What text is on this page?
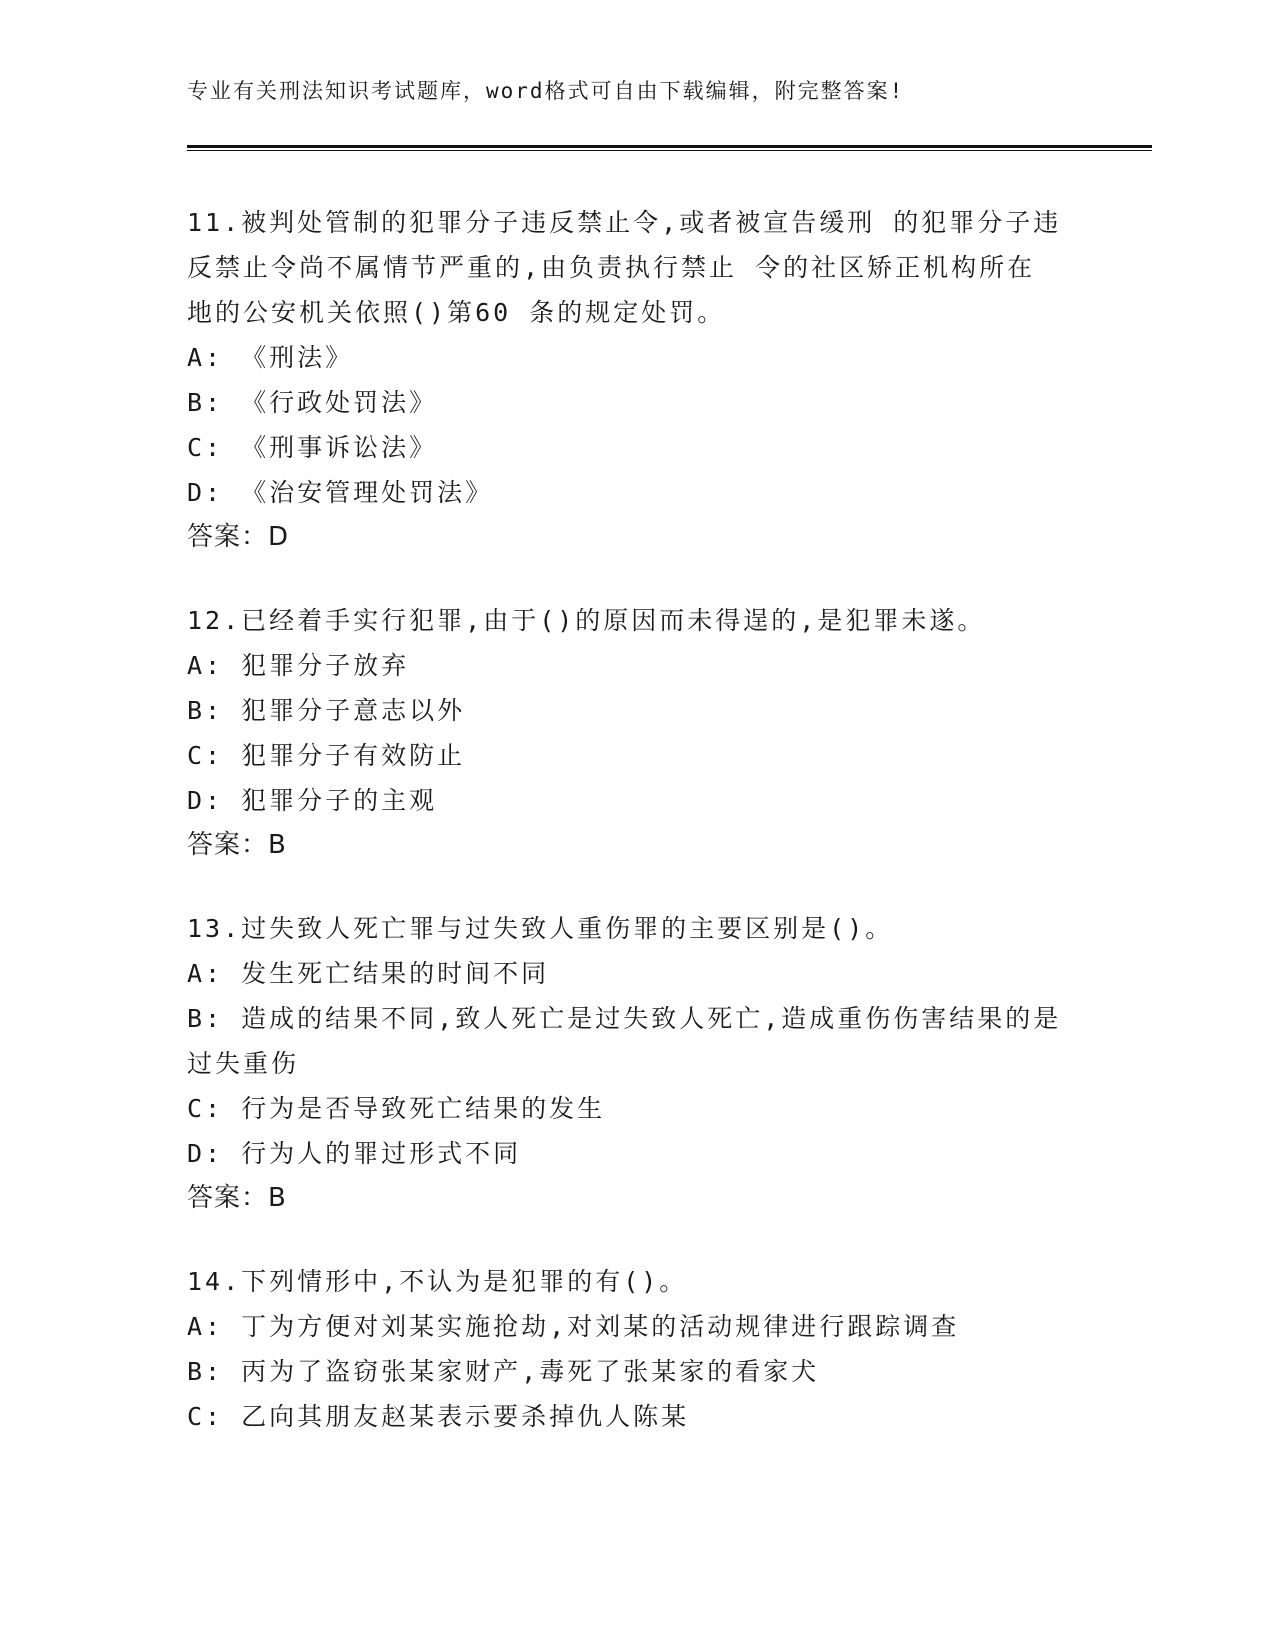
专业有关刑法知识考试题库，word格式可自由下载编辑，附完整答案!
11.被判处管制的犯罪分子违反禁止令,或者被宣告缓刑 的犯罪分子违
反禁止令尚不属情节严重的,由负责执行禁止 令的社区矫正机构所在
地的公安机关依照()第60 条的规定处罚。
A: 《刑法》
B: 《行政处罚法》
C: 《刑事诉讼法》
D: 《治安管理处罚法》
答案：D
12.已经着手实行犯罪,由于()的原因而未得逞的,是犯罪未遂。
A: 犯罪分子放弃
B: 犯罪分子意志以外
C: 犯罪分子有效防止
D: 犯罪分子的主观
答案：B
13.过失致人死亡罪与过失致人重伤罪的主要区别是()。
A: 发生死亡结果的时间不同
B: 造成的结果不同,致人死亡是过失致人死亡,造成重伤伤害结果的是
过失重伤
C: 行为是否导致死亡结果的发生
D: 行为人的罪过形式不同
答案：B
14.下列情形中,不认为是犯罪的有()。
A: 丁为方便对刘某实施抢劫,对刘某的活动规律进行跟踪调查
B: 丙为了盗窃张某家财产,毒死了张某家的看家犬
C: 乙向其朋友赵某表示要杀掉仇人陈某
